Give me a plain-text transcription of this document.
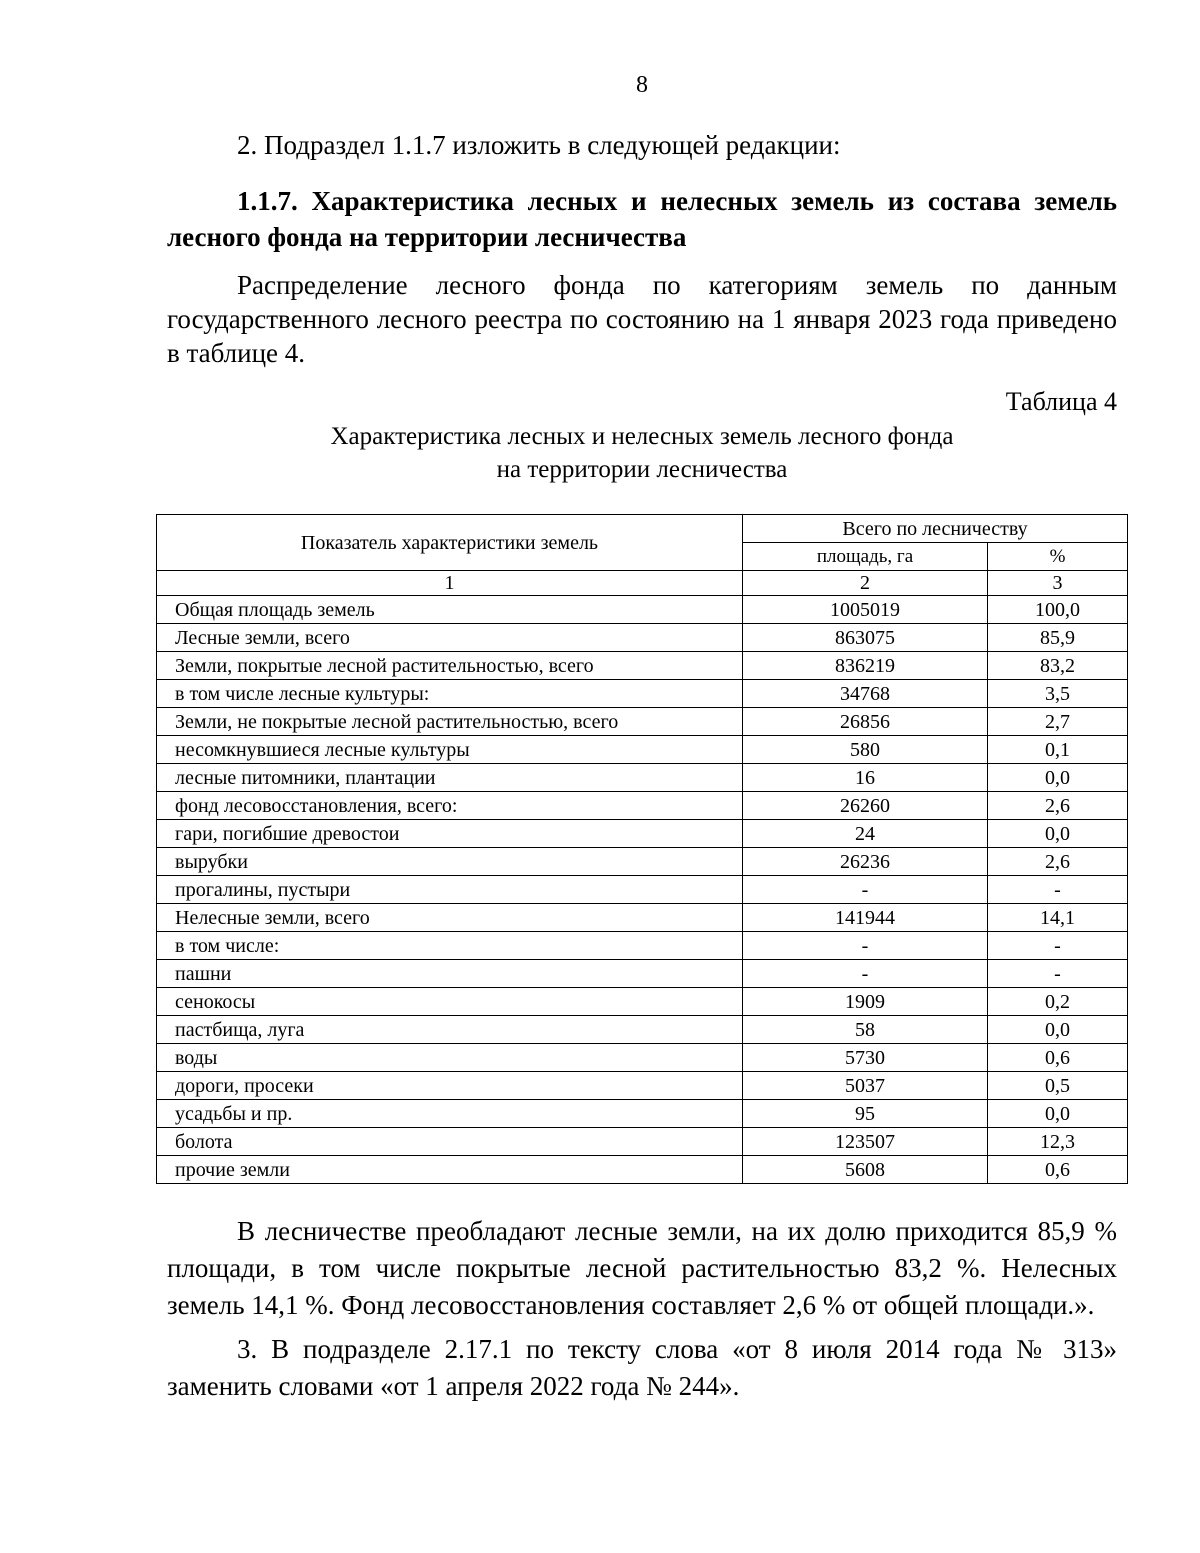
8

2. Подраздел 1.1.7 изложить в следующей редакции:

1.1.7. Характеристика лесных и нелесных земель из состава земель лесного фонда на территории лесничества

Распределение лесного фонда по категориям земель по данным государственного лесного реестра по состоянию на 1 января 2023 года приведено в таблице 4.

Таблица 4
Характеристика лесных и нелесных земель лесного фонда
на территории лесничества
Показатель характеристики земель	Всего по лесничеству	
	площадь, га	%
1	2	3
Общая площадь земель	1005019	100,0
Лесные земли, всего	863075	85,9
Земли, покрытые лесной растительностью, всего	836219	83,2
в том числе лесные культуры:	34768	3,5
Земли, не покрытые лесной растительностью, всего	26856	2,7
несомкнувшиеся лесные культуры	580	0,1
лесные питомники, плантации	16	0,0
фонд лесовосстановления, всего:	26260	2,6
гари, погибшие древостои	24	0,0
вырубки	26236	2,6
прогалины, пустыри	-	-
Нелесные земли, всего	141944	14,1
в том числе:	-	-
пашни	-	-
сенокосы	1909	0,2
пастбища, луга	58	0,0
воды	5730	0,6
дороги, просеки	5037	0,5
усадьбы и пр.	95	0,0
болота	123507	12,3
прочие земли	5608	0,6

В лесничестве преобладают лесные земли, на их долю приходится 85,9 % площади, в том числе покрытые лесной растительностью 83,2 %. Нелесных земель 14,1 %. Фонд лесовосстановления составляет 2,6 % от общей площади.».

3. В подразделе 2.17.1 по тексту слова «от 8 июля 2014 года № 313» заменить словами «от 1 апреля 2022 года № 244».
